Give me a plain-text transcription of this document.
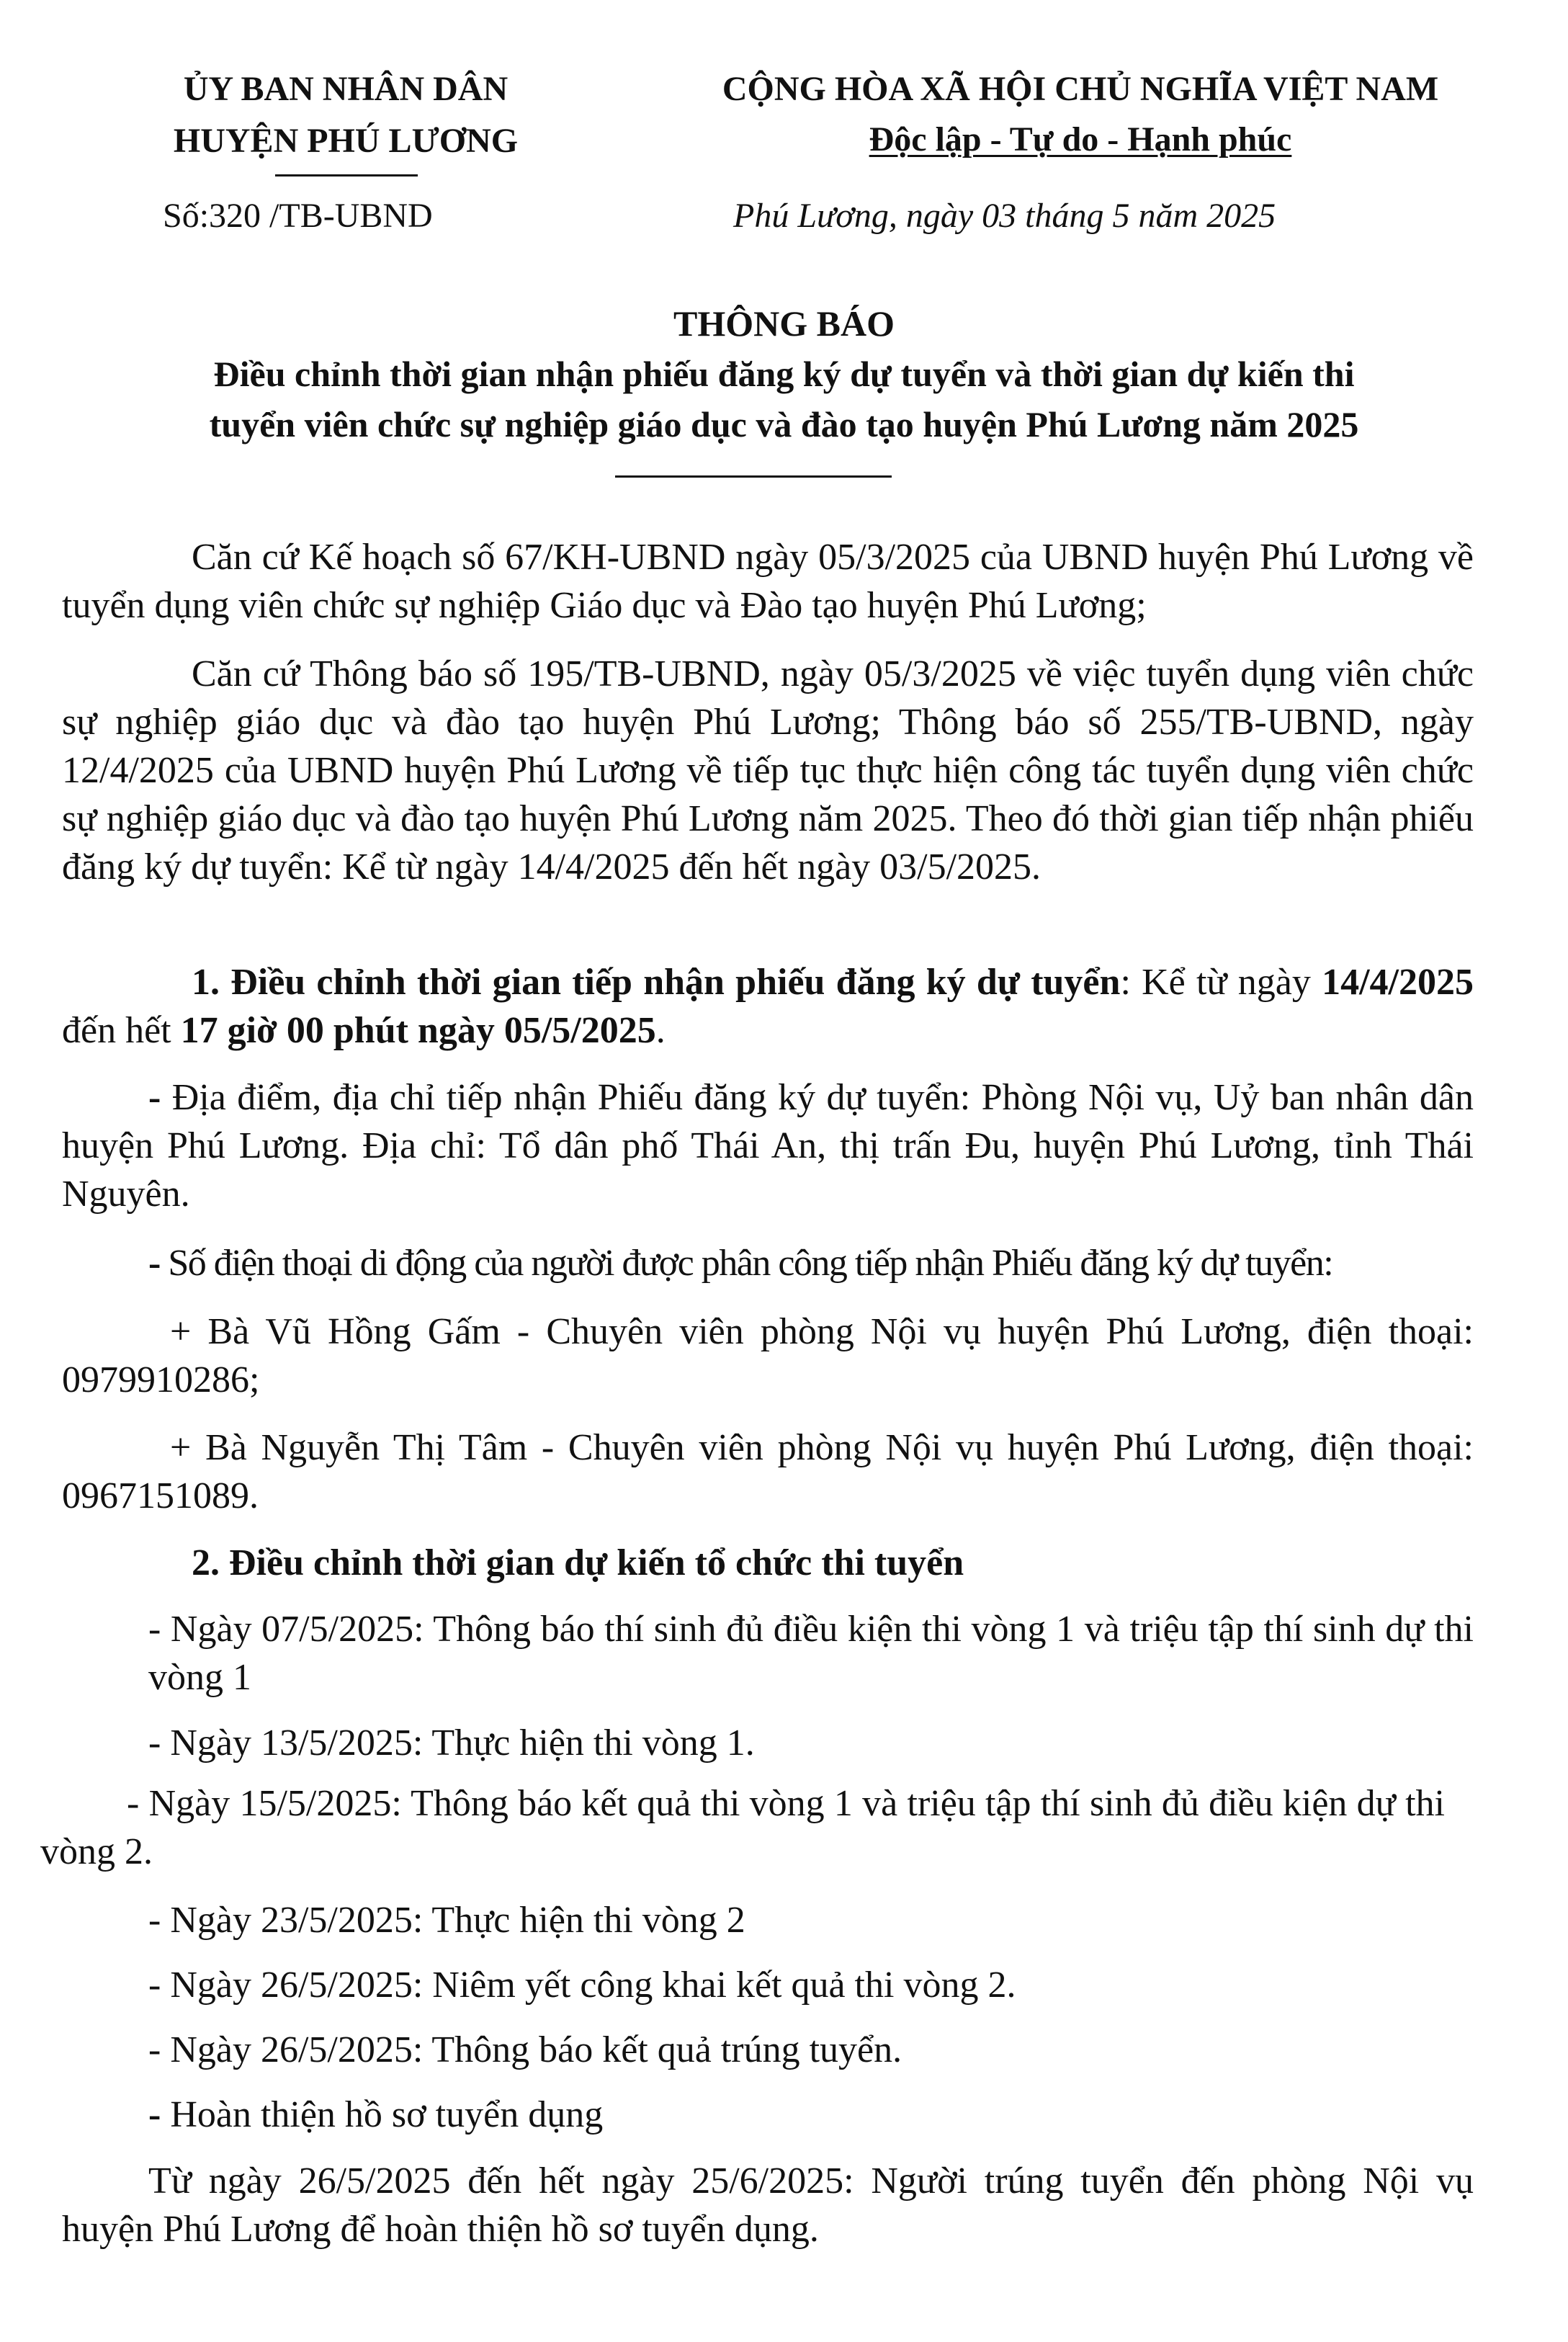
ỦY BAN NHÂN DÂN
HUYỆN PHÚ LƯƠNG
CỘNG HÒA XÃ HỘI CHỦ NGHĨA VIỆT NAM
Độc lập - Tự do - Hạnh phúc
Số:320 /TB-UBND	Phú Lương, ngày 03 tháng 5 năm 2025
THÔNG BÁO
Điều chỉnh thời gian nhận phiếu đăng ký dự tuyển và thời gian dự kiến thi
tuyển viên chức sự nghiệp giáo dục và đào tạo huyện Phú Lương năm 2025
Căn cứ Kế hoạch số 67/KH-UBND ngày 05/3/2025 của UBND huyện Phú Lương về tuyển dụng viên chức sự nghiệp Giáo dục và Đào tạo huyện Phú Lương;
Căn cứ Thông báo số 195/TB-UBND, ngày 05/3/2025 về việc tuyển dụng viên chức sự nghiệp giáo dục và đào tạo huyện Phú Lương; Thông báo số 255/TB-UBND, ngày 12/4/2025 của UBND huyện Phú Lương về tiếp tục thực hiện công tác tuyển dụng viên chức sự nghiệp giáo dục và đào tạo huyện Phú Lương năm 2025. Theo đó thời gian tiếp nhận phiếu đăng ký dự tuyển: Kể từ ngày 14/4/2025 đến hết ngày 03/5/2025.
1. Điều chỉnh thời gian tiếp nhận phiếu đăng ký dự tuyển: Kể từ ngày 14/4/2025 đến hết 17 giờ 00 phút ngày 05/5/2025.
- Địa điểm, địa chỉ tiếp nhận Phiếu đăng ký dự tuyển: Phòng Nội vụ, Uỷ ban nhân dân huyện Phú Lương. Địa chỉ: Tổ dân phố Thái An, thị trấn Đu, huyện Phú Lương, tỉnh Thái Nguyên.
- Số điện thoại di động của người được phân công tiếp nhận Phiếu đăng ký dự tuyển:
+ Bà Vũ Hồng Gấm - Chuyên viên phòng Nội vụ huyện Phú Lương, điện thoại: 0979910286;
+ Bà Nguyễn Thị Tâm - Chuyên viên phòng Nội vụ huyện Phú Lương, điện thoại: 0967151089.
2. Điều chỉnh thời gian dự kiến tổ chức thi tuyển
- Ngày 07/5/2025: Thông báo thí sinh đủ điều kiện thi vòng 1 và triệu tập thí sinh dự thi vòng 1
- Ngày 13/5/2025: Thực hiện thi vòng 1.
- Ngày 15/5/2025: Thông báo kết quả thi vòng 1 và triệu tập thí sinh đủ điều kiện dự thi vòng 2.
- Ngày 23/5/2025: Thực hiện thi vòng 2
- Ngày 26/5/2025: Niêm yết công khai kết quả thi vòng 2.
- Ngày 26/5/2025: Thông báo kết quả trúng tuyển.
- Hoàn thiện hồ sơ tuyển dụng
Từ ngày 26/5/2025 đến hết ngày 25/6/2025: Người trúng tuyển đến phòng Nội vụ huyện Phú Lương để hoàn thiện hồ sơ tuyển dụng.
